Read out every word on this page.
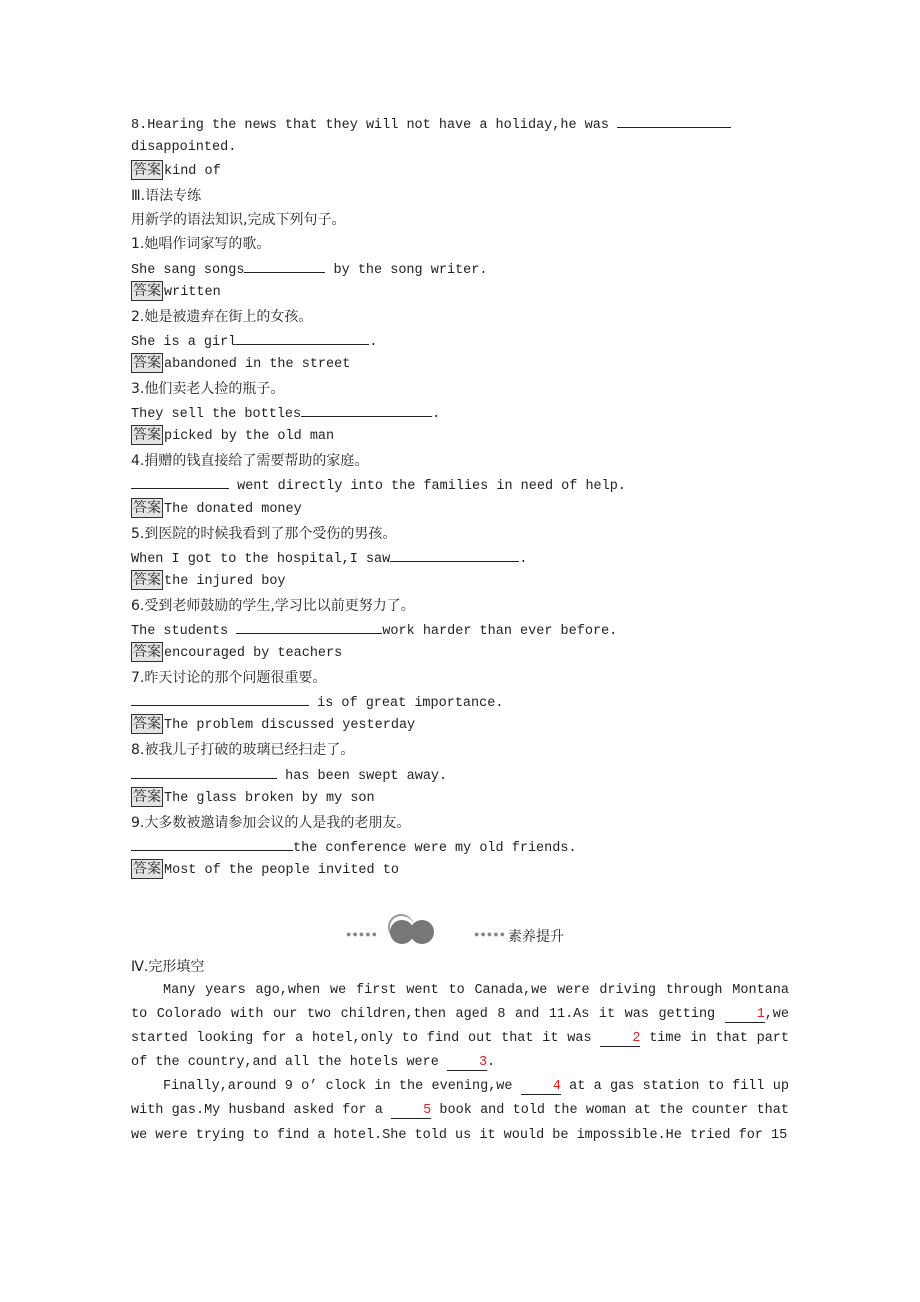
8.Hearing the news that they will not have a holiday,he was
disappointed.
答案 kind of
Ⅲ.语法专练
用新学的语法知识,完成下列句子。
1.她唱作词家写的歌。
She sang songs	by the song writer.
答案 written
2.她是被遗弃在街上的女孩。
She is a girl	.
答案 abandoned in the street
3.他们卖老人捡的瓶子。
They sell the bottles	.
答案 picked by the old man
4.捐赠的钱直接给了需要帮助的家庭。
went directly into the families in need of help.
答案 The donated money
5.到医院的时候我看到了那个受伤的男孩。
When I got to the hospital,I saw	.
答案 the injured boy
6.受到老师鼓励的学生,学习比以前更努力了。
The students	work harder than ever before.
答案 encouraged by teachers
7.昨天讨论的那个问题很重要。
is of great importance.
答案 The problem discussed yesterday
8.被我儿子打破的玻璃已经扫走了。
has been swept away.
答案 The glass broken by my son
9.大多数被邀请参加会议的人是我的老朋友。
the conference were my old friends.
答案 Most of the people invited to
●●●●●	●●●●● 素养提升
Ⅳ.完形填空

Many years ago,when we first went to Canada,we were driving through Montana to Colorado with our two children,then aged 8 and 11.As it was getting 1,we started looking for a hotel,only to find out that it was 2 time in that part of the country,and all the hotels were 3.

Finally,around 9 o’ clock in the evening,we 4 at a gas station to fill up with gas.My husband asked for a 5 book and told the woman at the counter that we were trying to find a hotel.She told us it would be impossible.He tried for 15
